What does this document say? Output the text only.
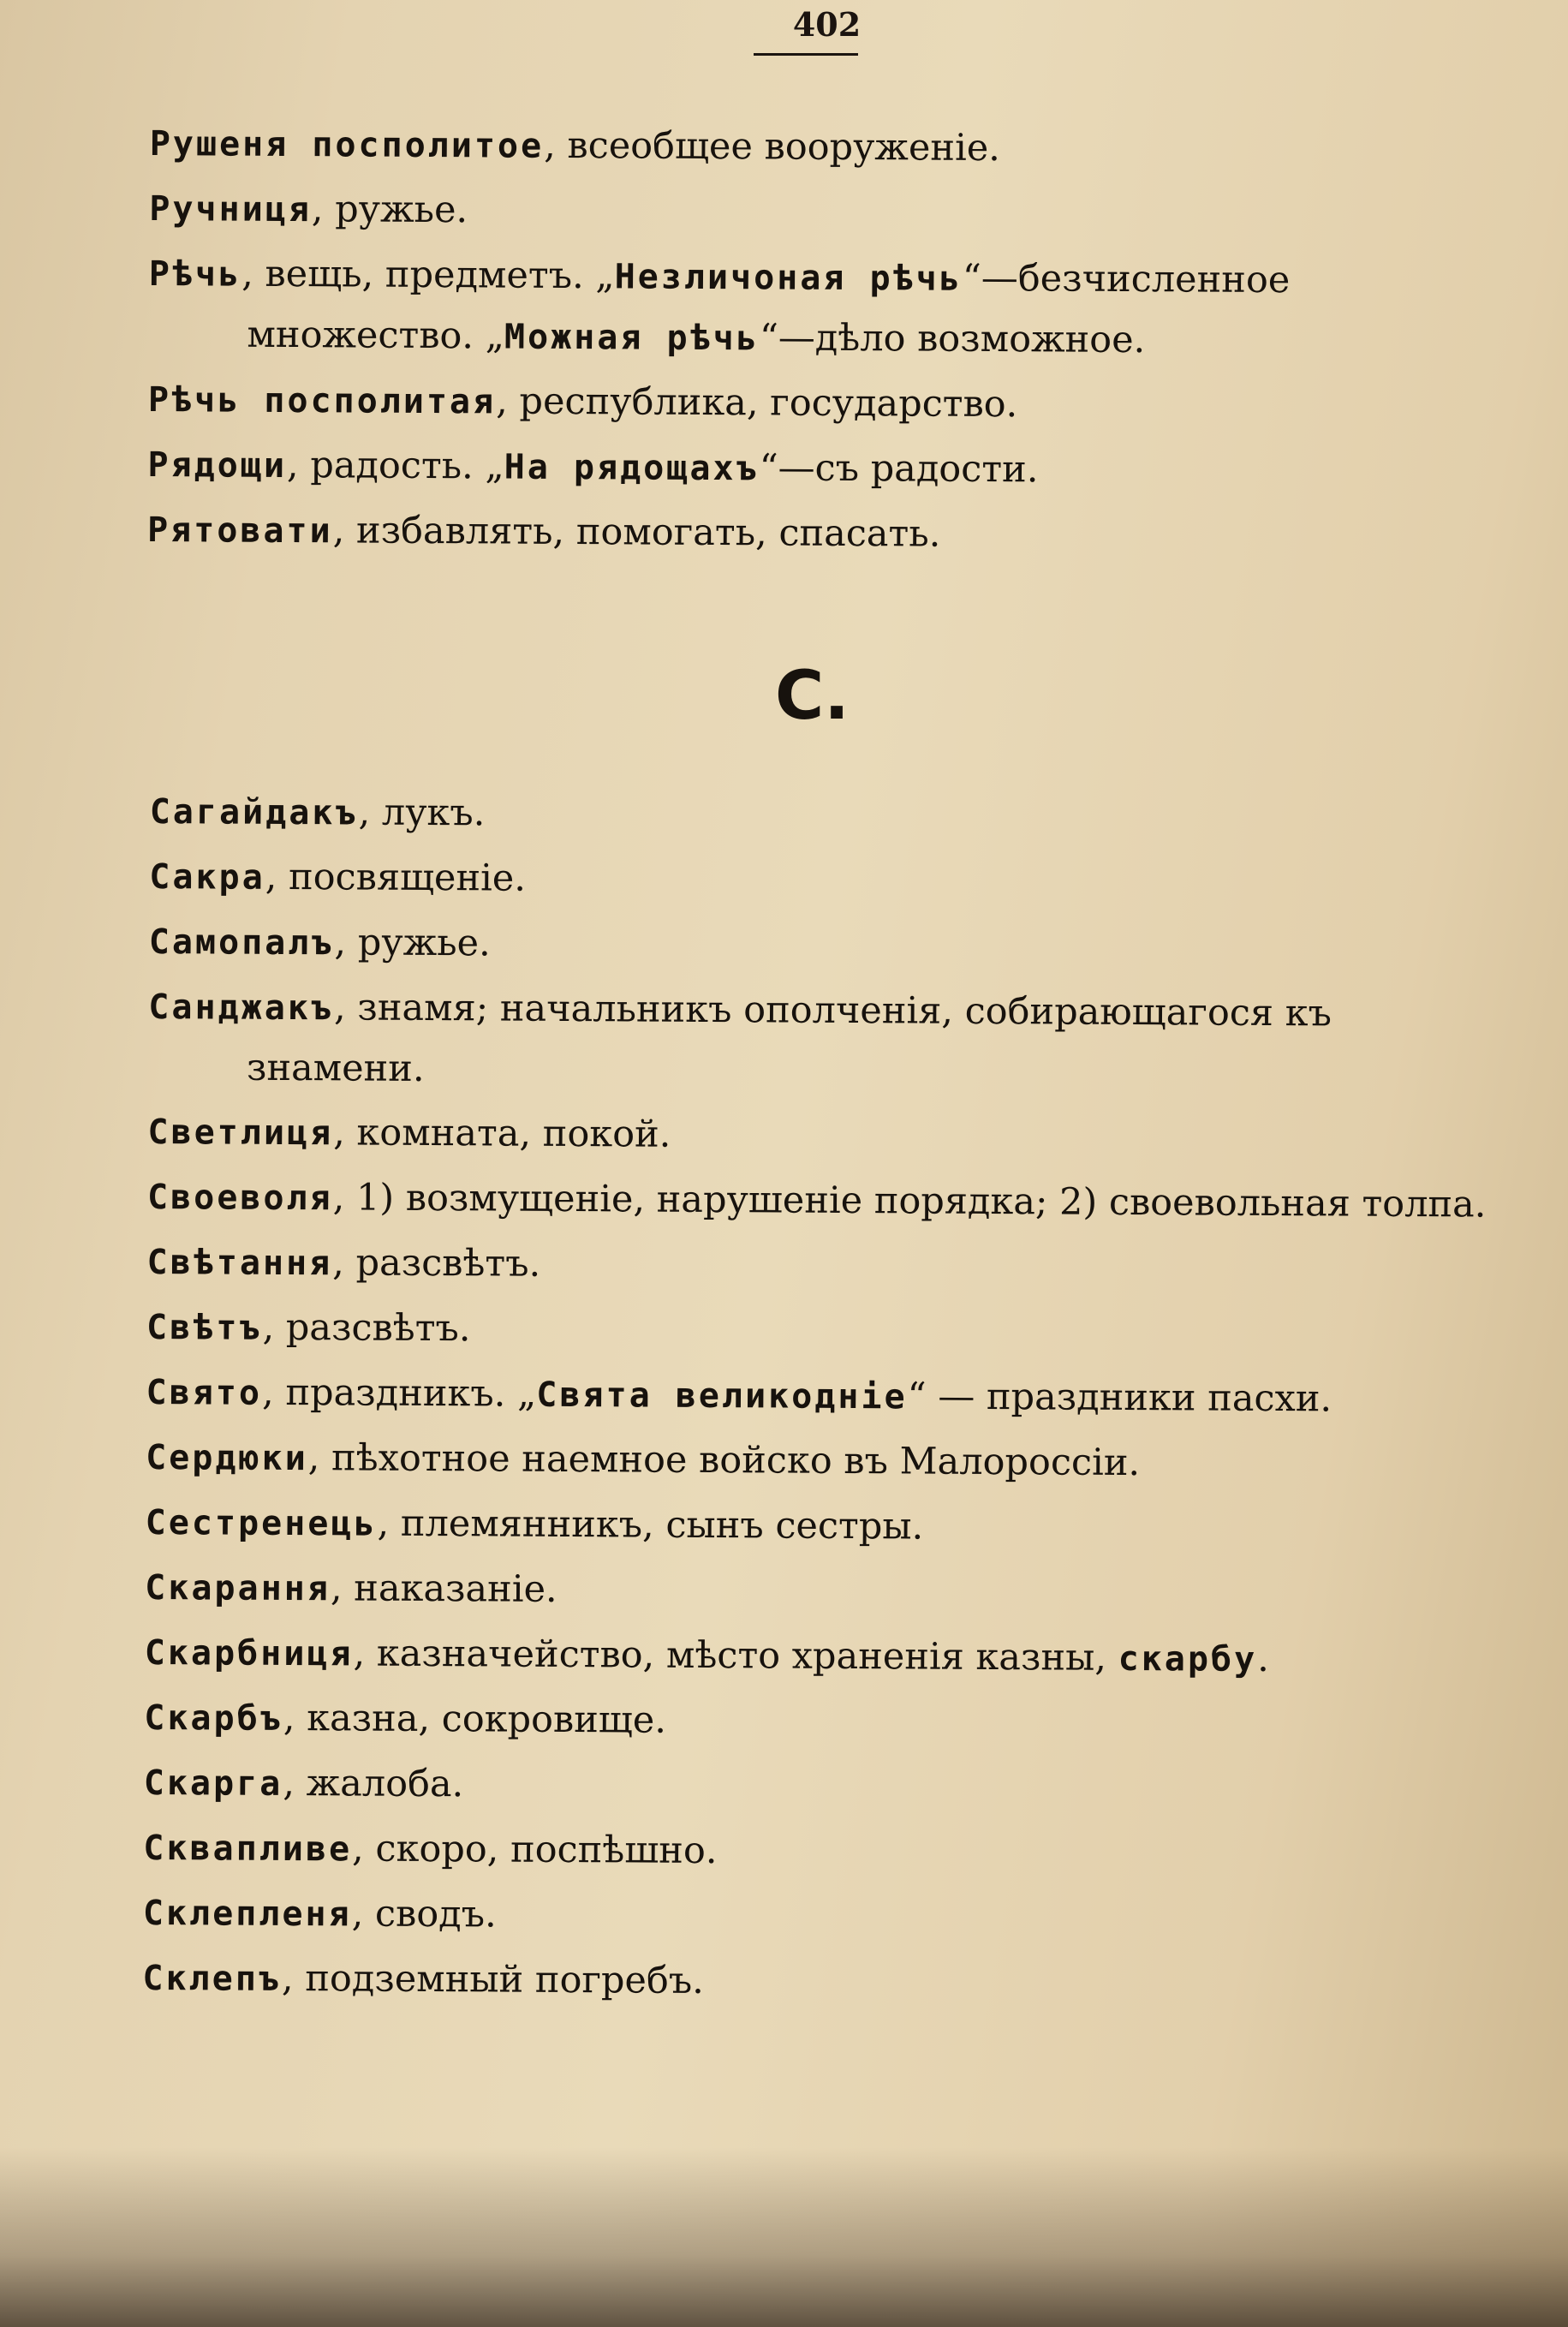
402

Рушеня посполитое, всеобщее вооруженіе.

Ручниця, ружье.

Рѣчь, вещь, предметъ. „Незличоная рѣчь“—безчисленное множество. „Можная рѣчь“—дѣло возможное.

Рѣчь посполитая, республика, государство.

Рядощи, радость. „На рядощахъ“—съ радости.

Рятовати, избавлять, помогать, спасать.

С.

Сагайдакъ, лукъ.

Сакра, посвященіе.

Самопалъ, ружье.

Санджакъ, знамя; начальникъ ополченія, собирающагося къ знамени.

Светлиця, комната, покой.

Своеволя, 1) возмущеніе, нарушеніе порядка; 2) своевольная толпа.

Свѣтання, разсвѣтъ.

Свѣтъ, разсвѣтъ.

Свято, праздникъ. „Свята великодніе“ — праздники пасхи.

Сердюки, пѣхотное наемное войско въ Малороссіи.

Сестренець, племянникъ, сынъ сестры.

Скарання, наказаніе.

Скарбниця, казначейство, мѣсто храненія казны, скарбу.

Скарбъ, казна, сокровище.

Скарга, жалоба.

Сквапливе, скоро, поспѣшно.

Склепленя, сводъ.

Склепъ, подземный погребъ.
